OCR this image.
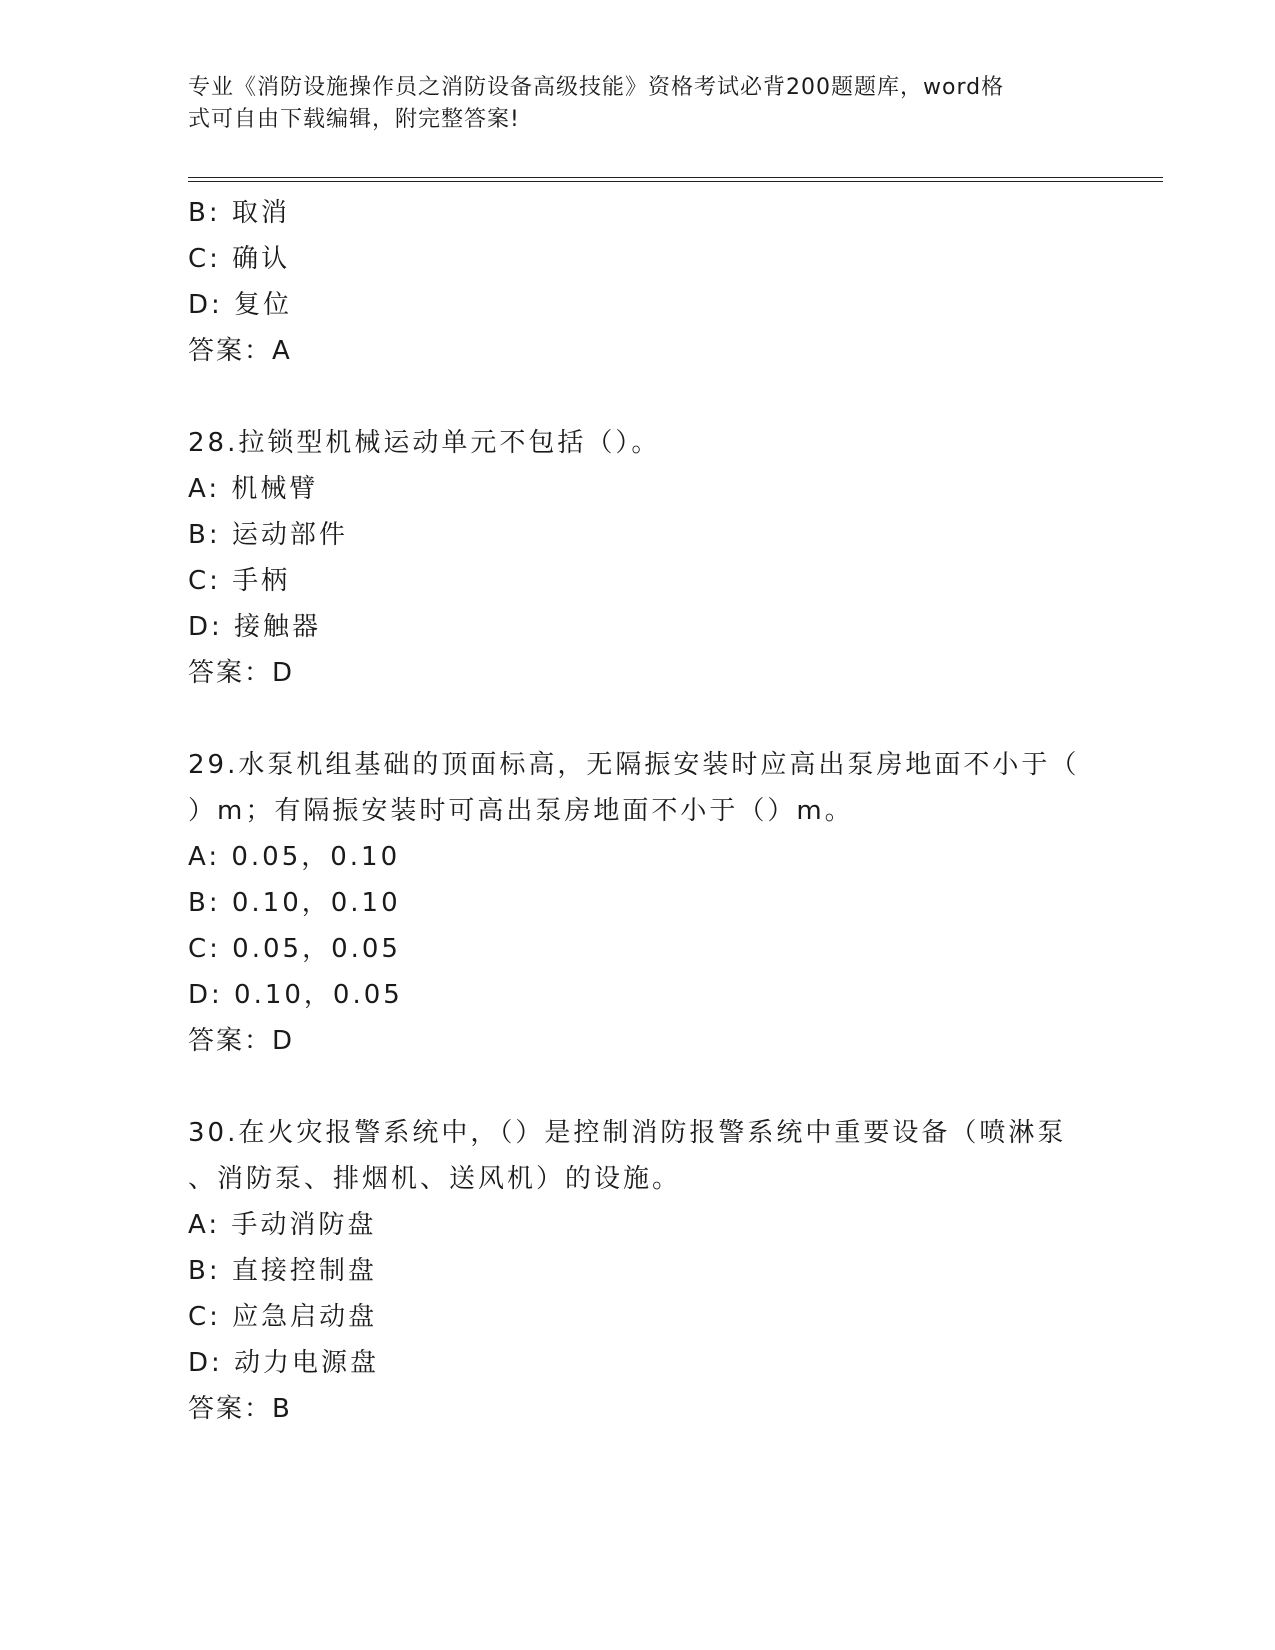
专业《消防设施操作员之消防设备高级技能》资格考试必背200题题库，word格
式可自由下载编辑，附完整答案!
B: 取消
C: 确认
D: 复位
答案：A
28.拉锁型机械运动单元不包括（）。
A: 机械臂
B: 运动部件
C: 手柄
D: 接触器
答案：D
29.水泵机组基础的顶面标高，无隔振安装时应高出泵房地面不小于（
）m；有隔振安装时可高出泵房地面不小于（）m。
A: 0.05，0.10
B: 0.10，0.10
C: 0.05，0.05
D: 0.10，0.05
答案：D
30.在火灾报警系统中，（）是控制消防报警系统中重要设备（喷淋泵
、消防泵、排烟机、送风机）的设施。
A: 手动消防盘
B: 直接控制盘
C: 应急启动盘
D: 动力电源盘
答案：B
